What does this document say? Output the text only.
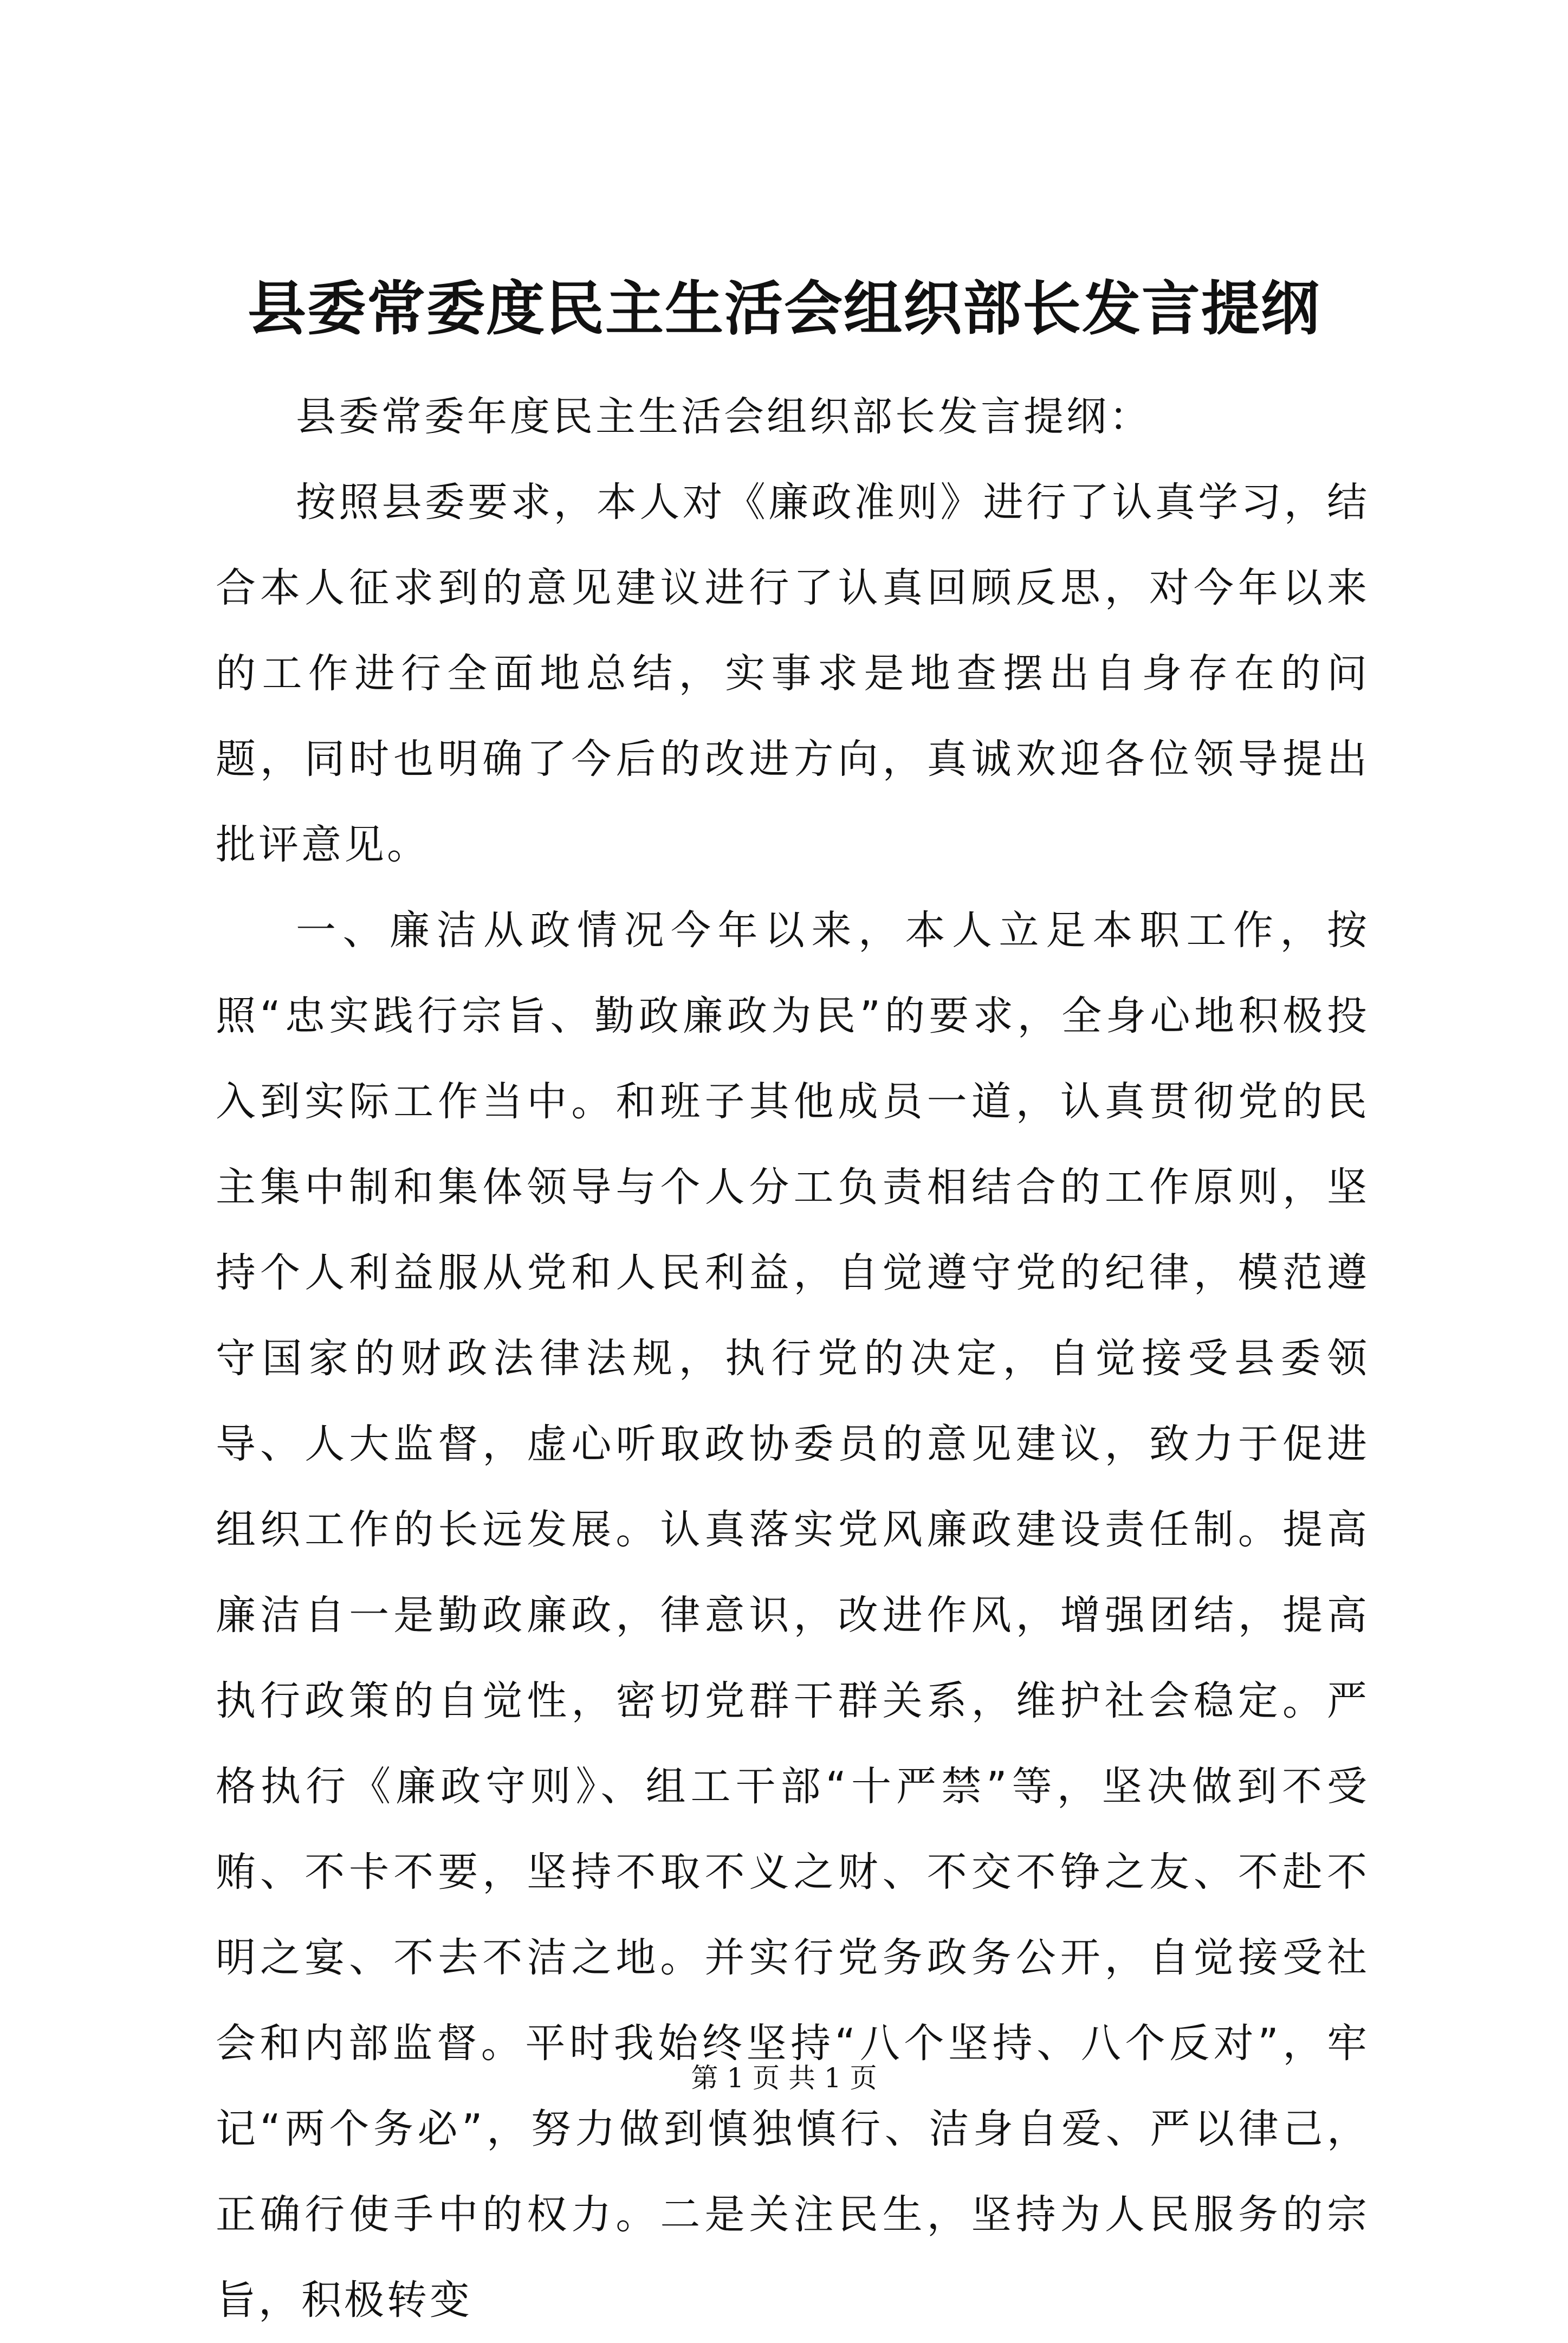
县委常委度民主生活会组织部长发言提纲

县委常委年度民主生活会组织部长发言提纲：

按照县委要求，本人对《廉政准则》进行了认真学习，结合本人征求到的意见建议进行了认真回顾反思，对今年以来的工作进行全面地总结，实事求是地查摆出自身存在的问题，同时也明确了今后的改进方向，真诚欢迎各位领导提出批评意见。

一、廉洁从政情况今年以来，本人立足本职工作，按照“忠实践行宗旨、勤政廉政为民”的要求，全身心地积极投入到实际工作当中。和班子其他成员一道，认真贯彻党的民主集中制和集体领导与个人分工负责相结合的工作原则，坚持个人利益服从党和人民利益，自觉遵守党的纪律，模范遵守国家的财政法律法规，执行党的决定，自觉接受县委领导、人大监督，虚心听取政协委员的意见建议，致力于促进组织工作的长远发展。认真落实党风廉政建设责任制。提高廉洁自一是勤政廉政，律意识，改进作风，增强团结，提高执行政策的自觉性，密切党群干群关系，维护社会稳定。严格执行《廉政守则》、组工干部“十严禁”等，坚决做到不受贿、不卡不要，坚持不取不义之财、不交不铮之友、不赴不明之宴、不去不洁之地。并实行党务政务公开，自觉接受社会和内部监督。平时我始终坚持“八个坚持、八个反对”，牢记“两个务必”，努力做到慎独慎行、洁身自爱、严以律己，正确行使手中的权力。二是关注民生，坚持为人民服务的宗旨，积极转变

第 1 页 共 1 页
